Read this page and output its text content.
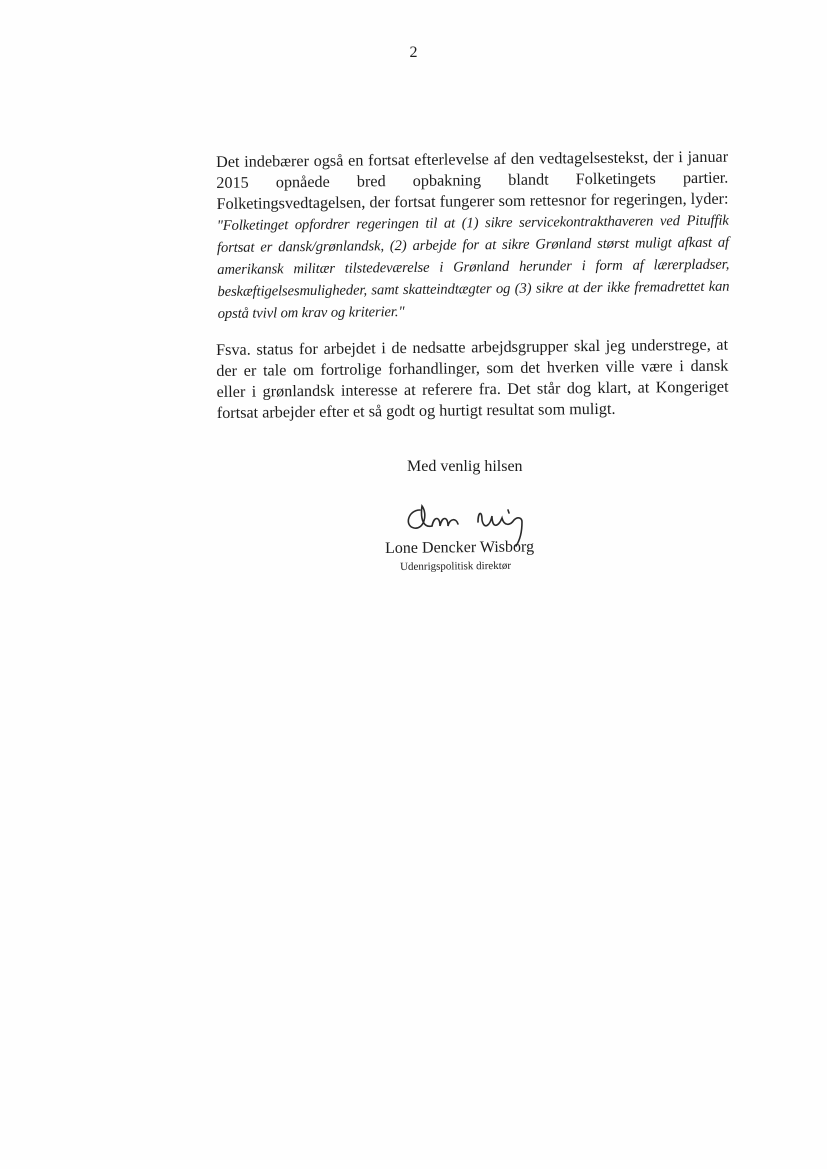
2

Det indebærer også en fortsat efterlevelse af den vedtagelsestekst, der i januar 2015 opnåede bred opbakning blandt Folketingets partier. Folketingsvedtagelsen, der fortsat fungerer som rettesnor for regeringen, lyder: "Folketinget opfordrer regeringen til at (1) sikre servicekontrakthaveren ved Pituffik fortsat er dansk/grønlandsk, (2) arbejde for at sikre Grønland størst muligt afkast af amerikansk militær tilstedeværelse i Grønland herunder i form af lærerpladser, beskæftigelsesmuligheder, samt skatteindtægter og (3) sikre at der ikke fremadrettet kan opstå tvivl om krav og kriterier."

Fsva. status for arbejdet i de nedsatte arbejdsgrupper skal jeg understrege, at der er tale om fortrolige forhandlinger, som det hverken ville være i dansk eller i grønlandsk interesse at referere fra. Det står dog klart, at Kongeriget fortsat arbejder efter et så godt og hurtigt resultat som muligt.

Med venlig hilsen
Lone Dencker Wisborg
Udenrigspolitisk direktør
